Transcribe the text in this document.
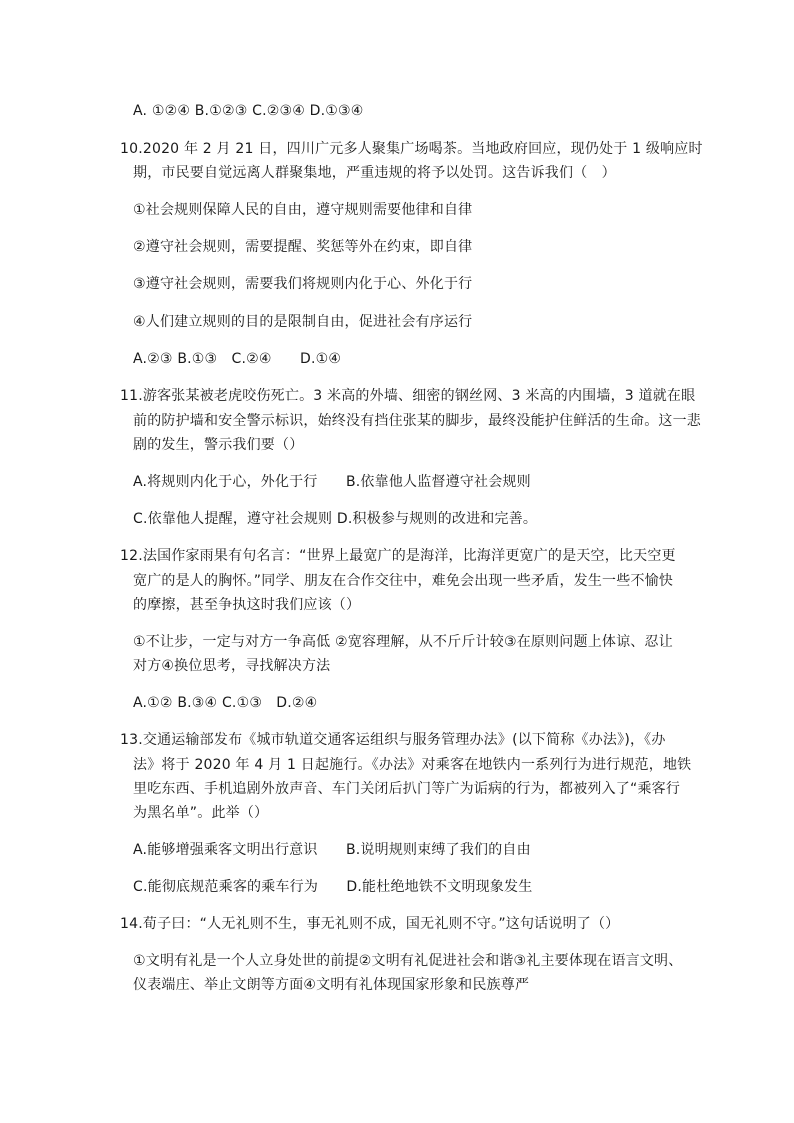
A. ①②④ B.①②③ C.②③④ D.①③④
10.2020 年 2 月 21 日，四川广元多人聚集广场喝茶。当地政府回应，现仍处于 1 级响应时
期，市民要自觉远离人群聚集地，严重违规的将予以处罚。这告诉我们（　）
①社会规则保障人民的自由，遵守规则需要他律和自律
②遵守社会规则，需要提醒、奖惩等外在约束，即自律
③遵守社会规则，需要我们将规则内化于心、外化于行
④人们建立规则的目的是限制自由，促进社会有序运行
A.②③ B.①③　C.②④　　D.①④
11.游客张某被老虎咬伤死亡。3 米高的外墙、细密的钢丝网、3 米高的内围墙，3 道就在眼
前的防护墙和安全警示标识，始终没有挡住张某的脚步，最终没能护住鲜活的生命。这一悲
剧的发生，警示我们要（）
A.将规则内化于心，外化于行　　B.依靠他人监督遵守社会规则
C.依靠他人提醒，遵守社会规则 D.积极参与规则的改进和完善。
12.法国作家雨果有句名言：“世界上最宽广的是海洋，比海洋更宽广的是天空，比天空更
宽广的是人的胸怀。”同学、朋友在合作交往中，难免会出现一些矛盾，发生一些不愉快
的摩擦，甚至争执这时我们应该（）
①不让步，一定与对方一争高低 ②宽容理解，从不斤斤计较③在原则问题上体谅、忍让
对方④换位思考，寻找解决方法
A.①② B.③④ C.①③　D.②④
13.交通运输部发布《城市轨道交通客运组织与服务管理办法》(以下简称《办法》)，《办
法》将于 2020 年 4 月 1 日起施行。《办法》对乘客在地铁内一系列行为进行规范，地铁
里吃东西、手机追剧外放声音、车门关闭后扒门等广为诟病的行为，都被列入了“乘客行
为黑名单”。此举（）
A.能够增强乘客文明出行意识　　B.说明规则束缚了我们的自由
C.能彻底规范乘客的乘车行为　　D.能杜绝地铁不文明现象发生
14.荀子曰：“人无礼则不生，事无礼则不成，国无礼则不守。”这句话说明了（）
①文明有礼是一个人立身处世的前提②文明有礼促进社会和谐③礼主要体现在语言文明、
仪表端庄、举止文朗等方面④文明有礼体现国家形象和民族尊严
